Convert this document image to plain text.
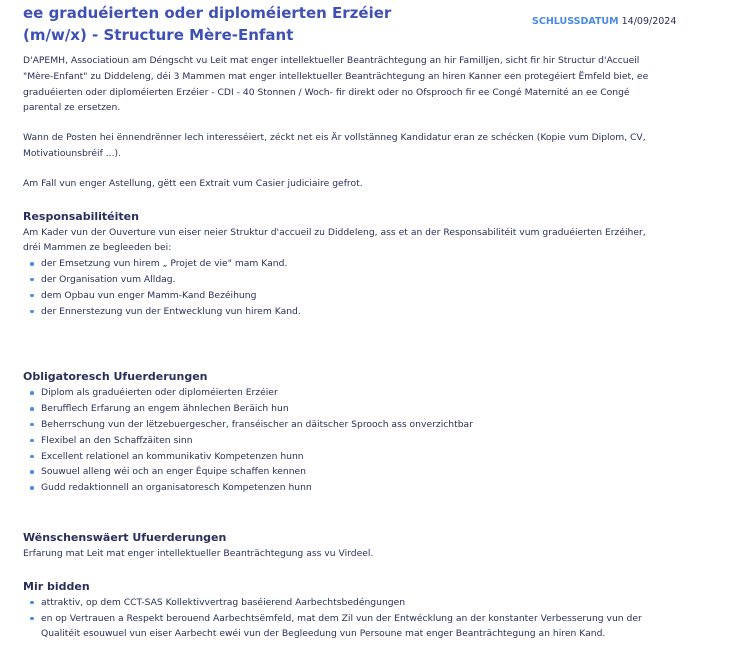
ee graduéierten oder diploméierten Erzéier
(m/w/x) - Structure Mère-Enfant
SCHLUSSDATUM 14/09/2024

D'APEMH, Associatioun am Déngscht vu Leit mat enger intellektueller Beanträchtegung an hir Familljen, sicht fir hir Structur d'Accueil "Mère-Enfant" zu Diddeleng, déi 3 Mammen mat enger intellektueller Beanträchtegung an hiren Kanner een protegéiert Ëmfeld biet, ee graduéierten oder diploméierten Erzéier - CDI - 40 Stonnen / Woch- fir direkt oder no Ofsprooch fir ee Congé Maternité an ee Congé parental ze ersetzen.

Wann de Posten hei ënnendrënner lech interesséiert, zéckt net eis Är vollstänneg Kandidatur eran ze schécken (Kopie vum Diplom, CV, Motivatiounsbréif ...).

Am Fall vun enger Astellung, gëtt een Extrait vum Casier judiciaire gefrot.

Responsabilitéiten

Am Kader vun der Ouverture vun eiser neier Struktur d'accueil zu Diddeleng, ass et an der Responsabilitéit vum graduéierten Erzéiher, dréi Mammen ze begleeden bei:

der Emsetzung vun hirem „ Projet de vie" mam Kand.
der Organisation vum Alldag.
dem Opbau vun enger Mamm-Kand Bezéihung
der Ennerstezung vun der Entwecklung vun hirem Kand.
Obligatoresch Ufuerderungen
Diplom als graduéierten oder diploméierten Erzéier
Berufflech Erfarung an engem ähnlechen Beräich hun
Beherrschung vun der lëtzebuergescher, franséischer an däitscher Sprooch ass onverzichtbar
Flexibel an den Schaffzäiten sinn
Excellent relationel an kommunikativ Kompetenzen hunn
Souwuel alleng wéi och an enger Équipe schaffen kennen
Gudd redaktionnell an organisatoresch Kompetenzen hunn
Wënschenswäert Ufuerderungen

Erfarung mat Leit mat enger intellektueller Beanträchtegung ass vu Virdeel.

Mir bidden
attraktiv, op dem CCT-SAS Kollektivvertrag baséierend Aarbechtsbedéngungen
en op Vertrauen a Respekt berouend Aarbechtsëmfeld, mat dem Zil vun der Entwécklung an der konstanter Verbesserung vun der Qualitéit esouwuel vun eiser Aarbecht ewéi vun der Begleedung vun Persoune mat enger Beanträchtegung an hiren Kand.
